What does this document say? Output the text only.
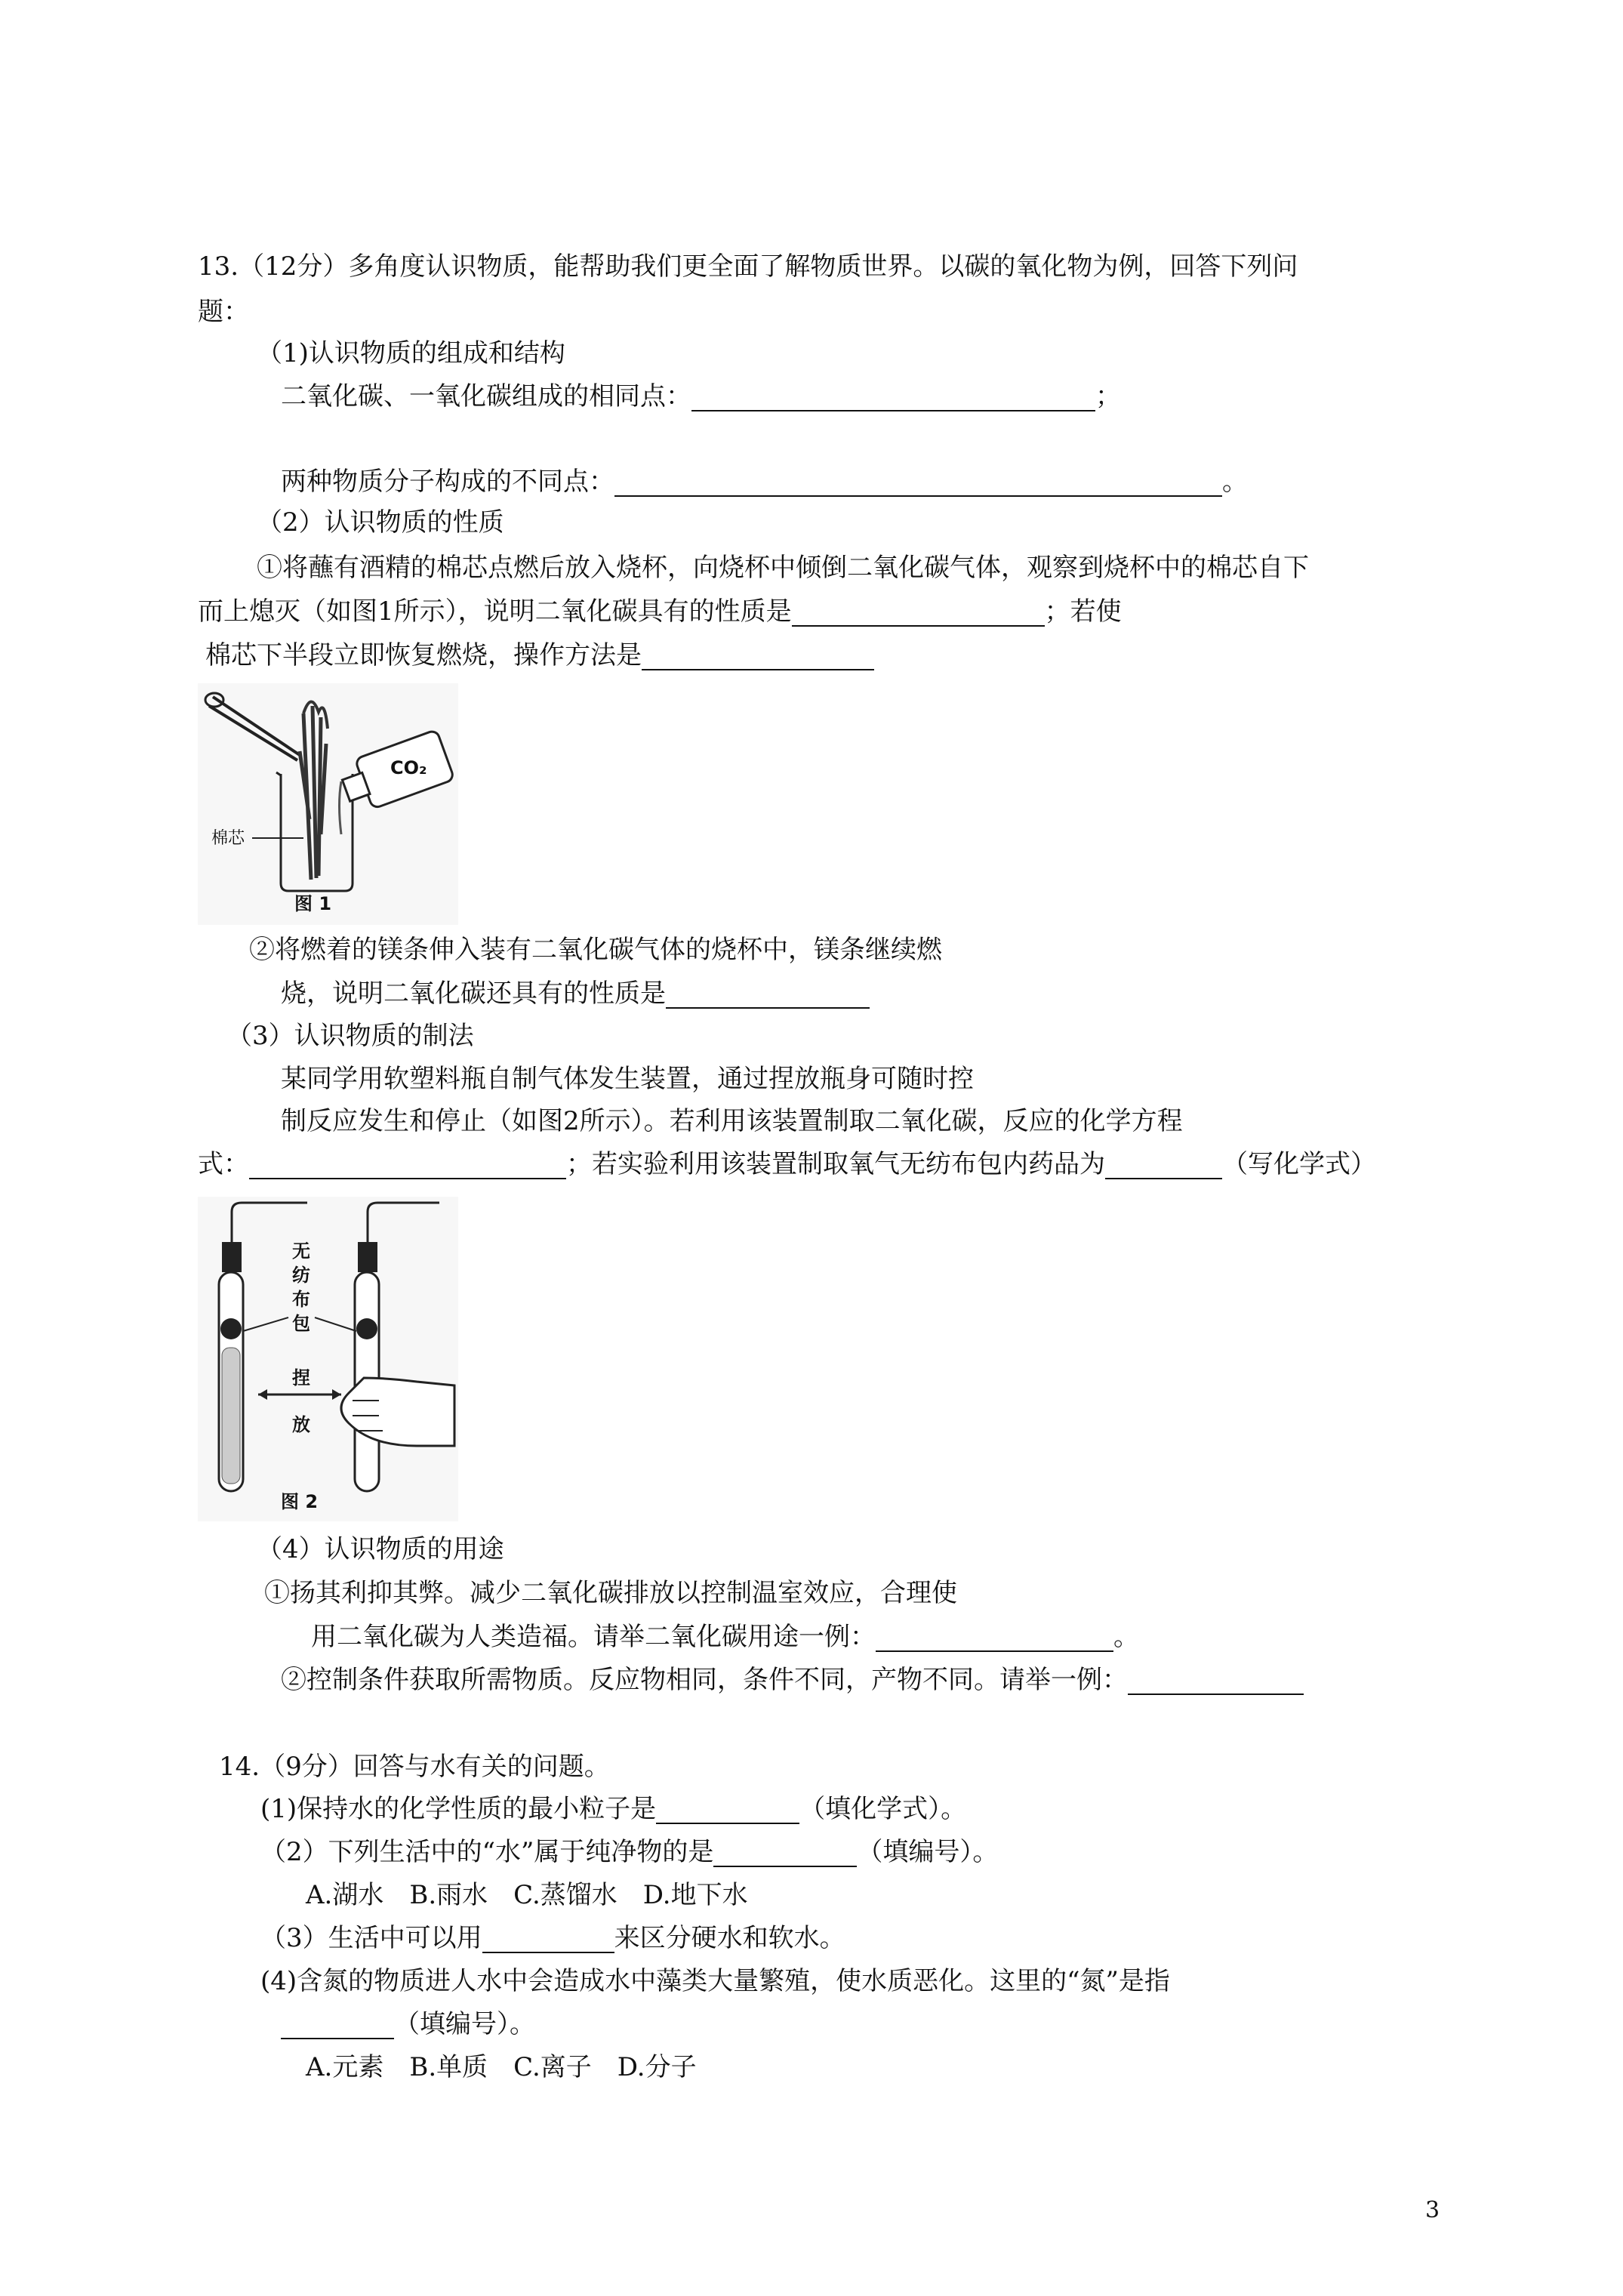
13.（12分）多角度认识物质，能帮助我们更全面了解物质世界。以碳的氧化物为例，回答下列问
题：
（1)认识物质的组成和结构
二氧化碳、一氧化碳组成的相同点：	；
两种物质分子构成的不同点：	。
（2）认识物质的性质
①将蘸有酒精的棉芯点燃后放入烧杯，向烧杯中倾倒二氧化碳气体，观察到烧杯中的棉芯自下
而上熄灭（如图1所示），说明二氧化碳具有的性质是	；若使
棉芯下半段立即恢复燃烧，操作方法是
CO₂
棉芯
图 1
②将燃着的镁条伸入装有二氧化碳气体的烧杯中，镁条继续燃
烧，说明二氧化碳还具有的性质是
（3）认识物质的制法
某同学用软塑料瓶自制气体发生装置，通过捏放瓶身可随时控
制反应发生和停止（如图2所示）。若利用该装置制取二氧化碳，反应的化学方程
式：	；若实验利用该装置制取氧气无纺布包内药品为	（写化学式）
无
纺
布
包
捏
放
图 2
（4）认识物质的用途
①扬其利抑其弊。减少二氧化碳排放以控制温室效应，合理使
用二氧化碳为人类造福。请举二氧化碳用途一例：	。
②控制条件获取所需物质。反应物相同，条件不同，产物不同。请举一例：
14.（9分）回答与水有关的问题。
(1)保持水的化学性质的最小粒子是	（填化学式）。
（2）下列生活中的“水”属于纯净物的是	（填编号）。
A.湖水　B.雨水　C.蒸馏水　D.地下水
（3）生活中可以用	来区分硬水和软水。
(4)含氮的物质进人水中会造成水中藻类大量繁殖，使水质恶化。这里的“氮”是指
（填编号）。
A.元素　B.单质　C.离子　D.分子
3
